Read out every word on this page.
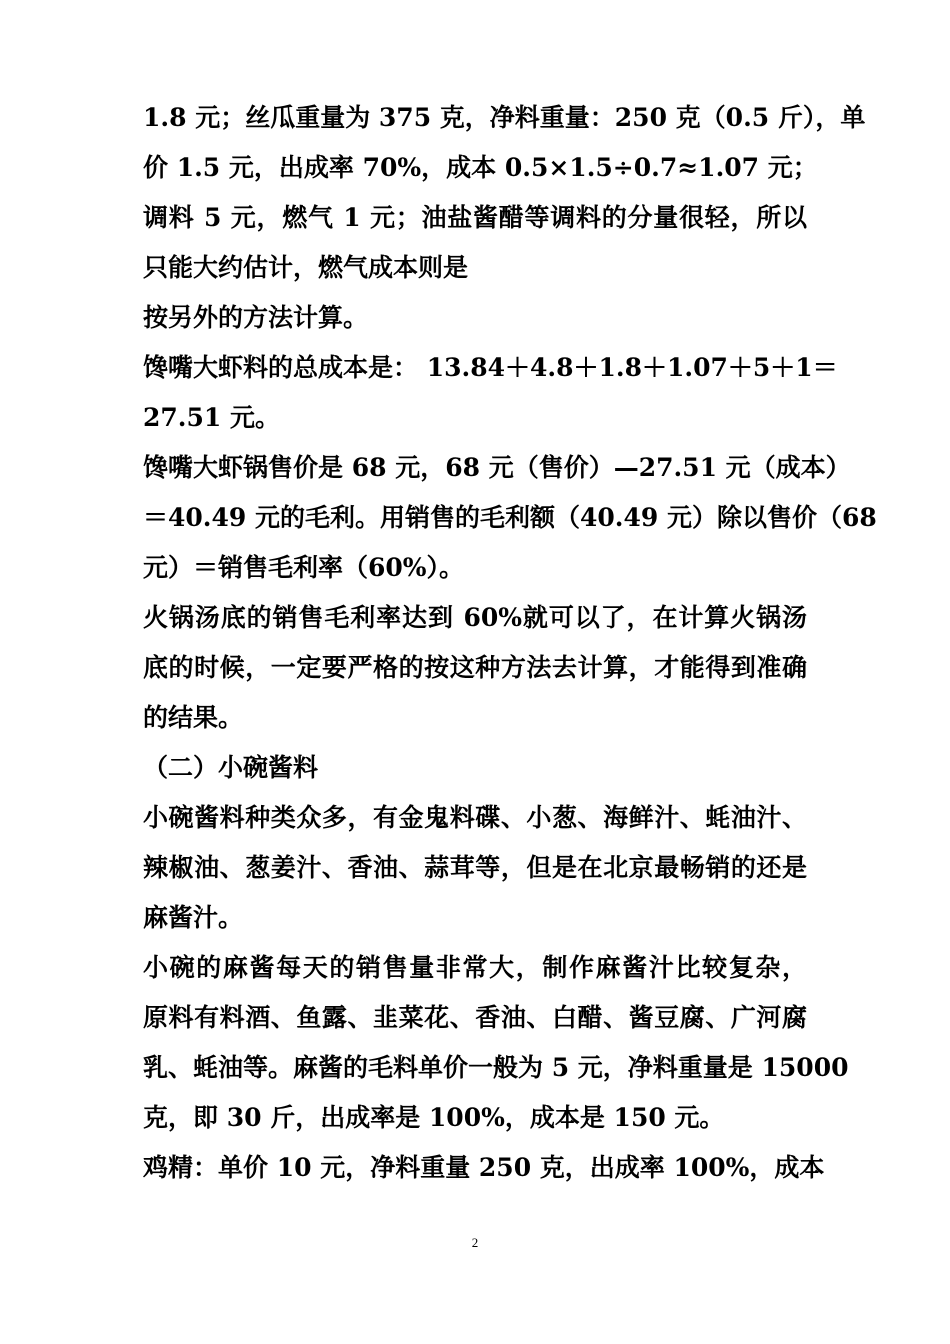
1.8 元；丝瓜重量为 375 克，净料重量：250 克（0.5 斤），单
价 1.5 元，出成率 70%，成本 0.5×1.5÷0.7≈1.07 元；
调料 5 元，燃气 1 元；油盐酱醋等调料的分量很轻，所以
只能大约估计，燃气成本则是
按另外的方法计算。
馋嘴大虾料的总成本是： 13.84＋4.8＋1.8＋1.07＋5＋1＝
27.51 元。
馋嘴大虾锅售价是 68 元，68 元（售价）—27.51 元（成本）
＝40.49 元的毛利。用销售的毛利额（40.49 元）除以售价（68
元）＝销售毛利率（60%）。
火锅汤底的销售毛利率达到 60%就可以了，在计算火锅汤
底的时候，一定要严格的按这种方法去计算，才能得到准确
的结果。
（二）小碗酱料
小碗酱料种类众多，有金鬼料碟、小葱、海鲜汁、蚝油汁、
辣椒油、葱姜汁、香油、蒜茸等，但是在北京最畅销的还是
麻酱汁。
小碗的麻酱每天的销售量非常大，制作麻酱汁比较复杂，
原料有料酒、鱼露、韭菜花、香油、白醋、酱豆腐、广河腐
乳、蚝油等。麻酱的毛料单价一般为 5 元，净料重量是 15000
克，即 30 斤，出成率是 100%，成本是 150 元。
鸡精：单价 10 元，净料重量 250 克，出成率 100%，成本
2
